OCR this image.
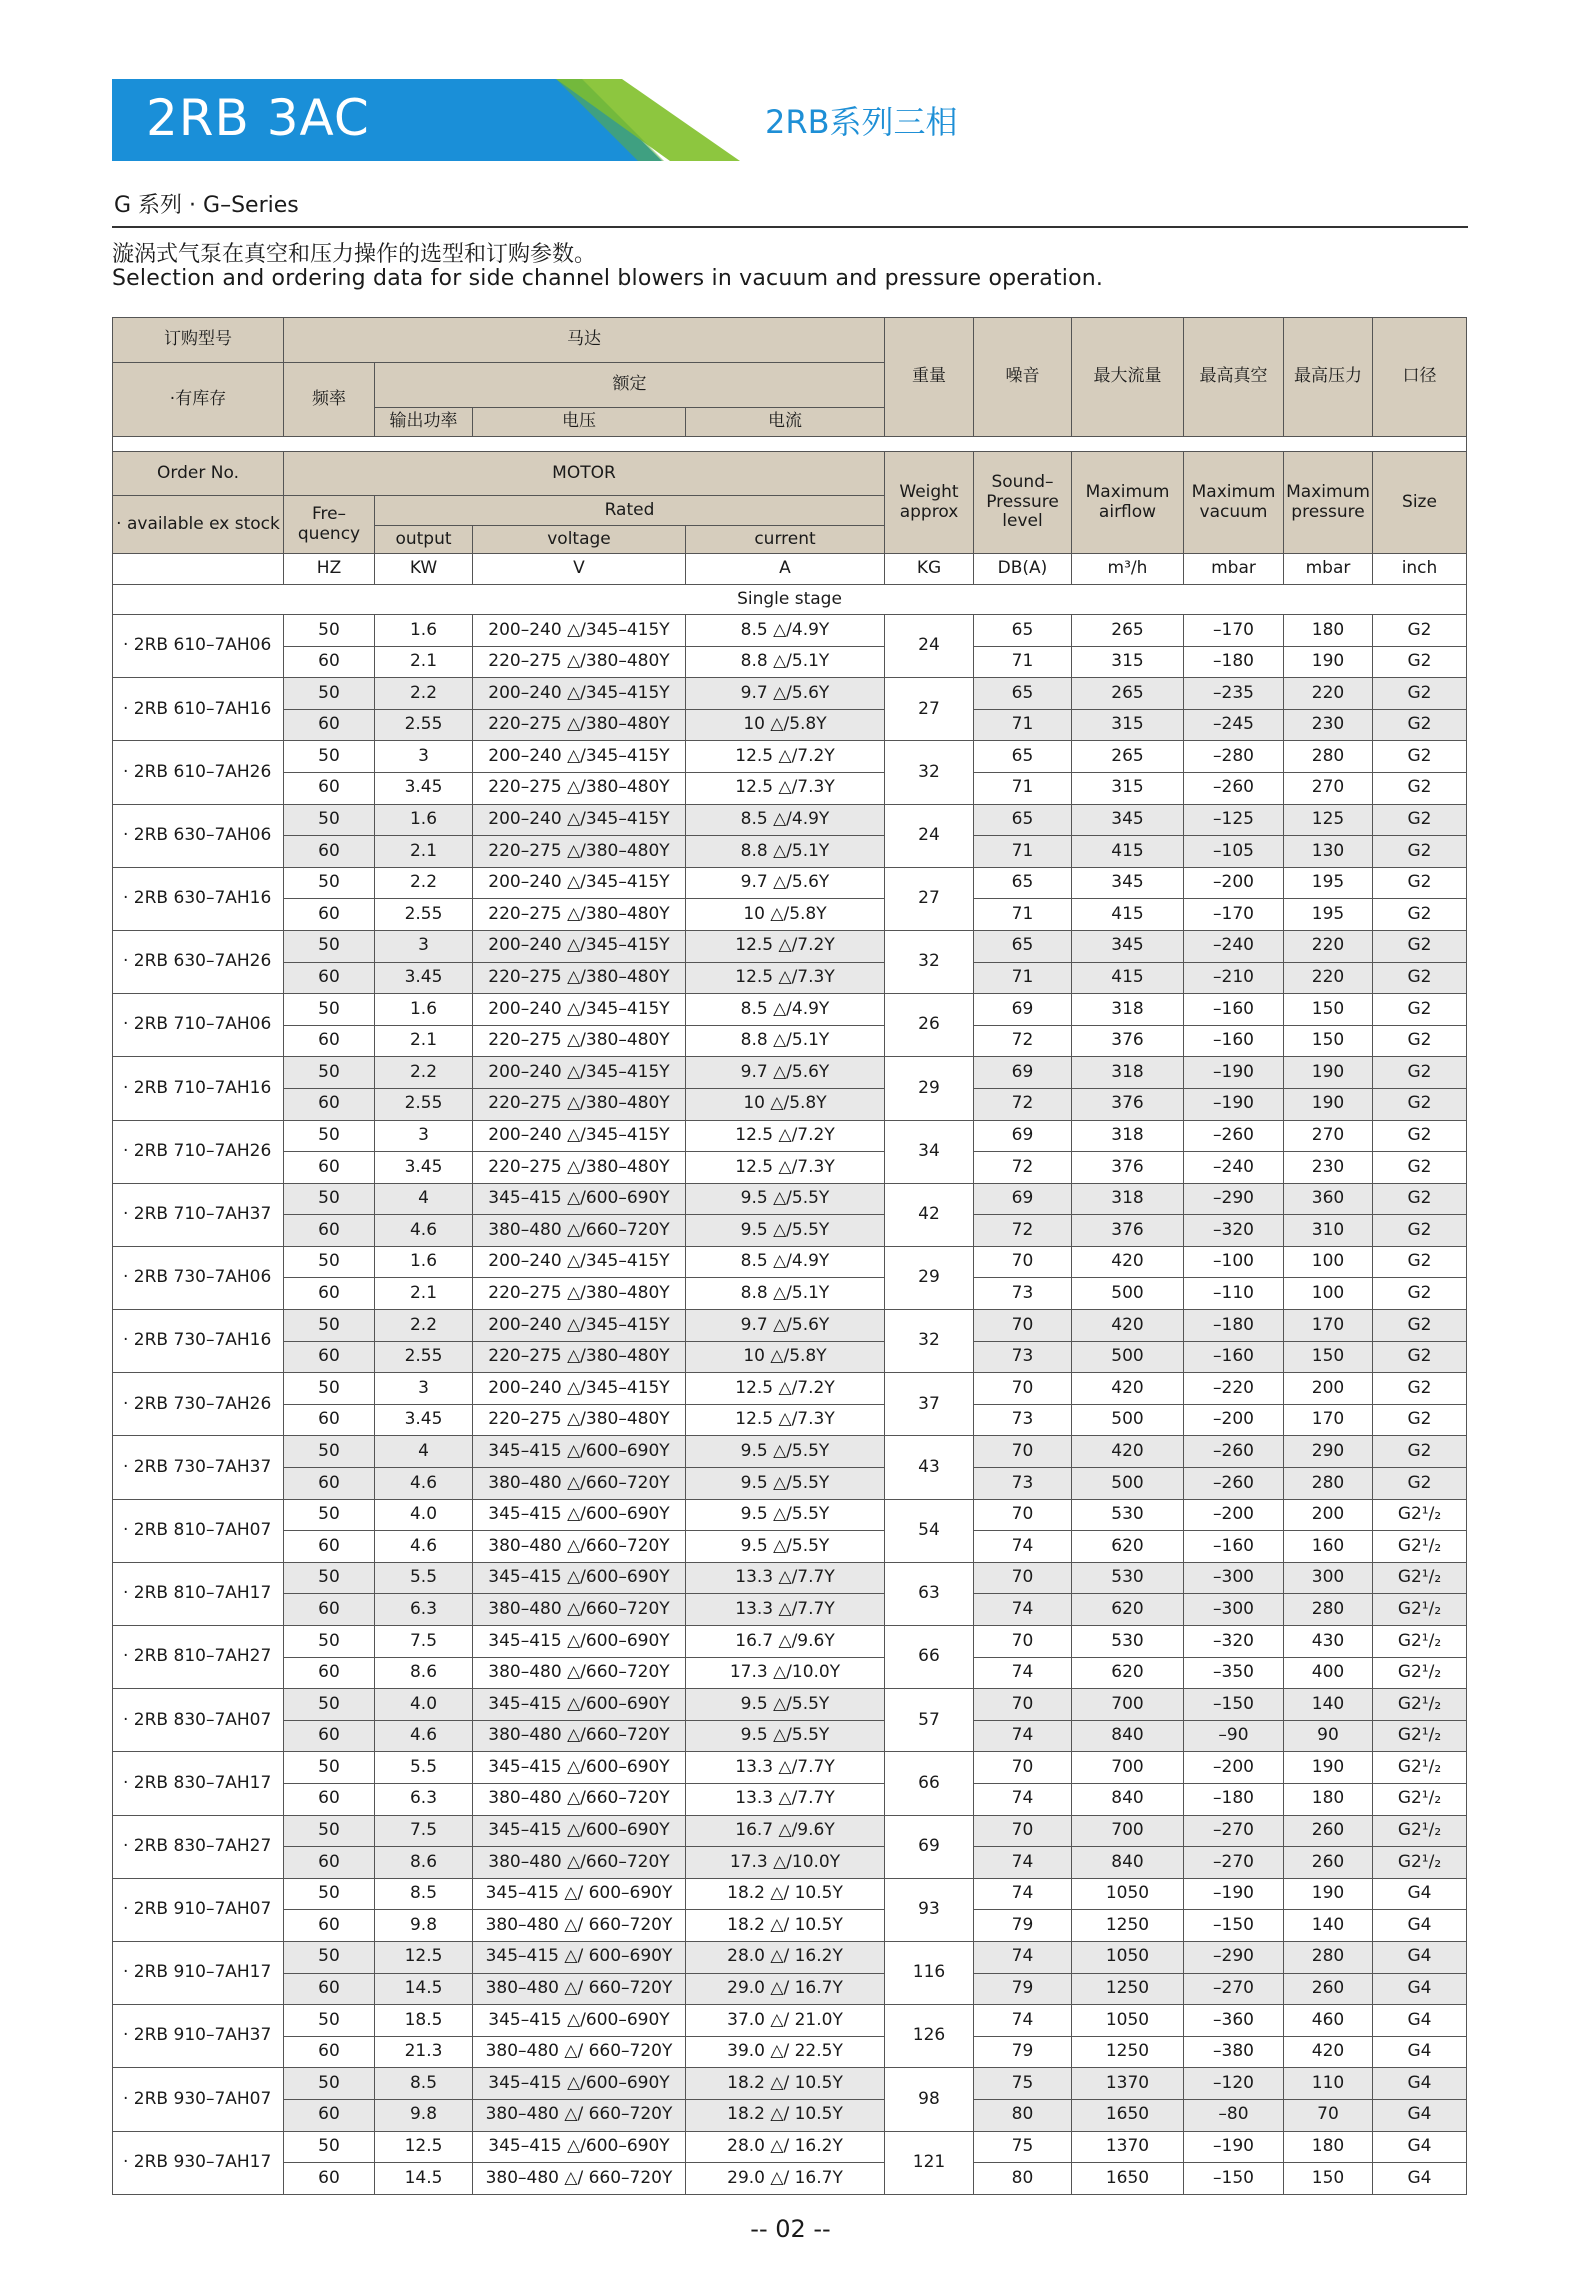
2RB 3AC	2RB系列三相
G 系列 · G–Series
漩涡式气泵在真空和压力操作的选型和订购参数。
Selection and ordering data for side channel blowers in vacuum and pressure operation.
订购型号	马达				重量	噪音	最大流量	最高真空	最高压力	口径
·有库存	频率	额定								
		输出功率	电压	电流						

Order No.	MOTOR				Weight approx	Sound– Pressure level	Maximum airflow	Maximum vacuum	Maximum pressure	Size
· available ex stock	Fre– quency	Rated								
		output	voltage	current						
	HZ	KW	V	A	KG	DB(A)	m³/h	mbar	mbar	inch
Single stage										
· 2RB 610–7AH06	50	1.6	200–240 △/345–415Y	8.5 △/4.9Y	24	65	265	–170	180	G2
	60	2.1	220–275 △/380–480Y	8.8 △/5.1Y		71	315	–180	190	G2
· 2RB 610–7AH16	50	2.2	200–240 △/345–415Y	9.7 △/5.6Y	27	65	265	–235	220	G2
	60	2.55	220–275 △/380–480Y	10 △/5.8Y		71	315	–245	230	G2
· 2RB 610–7AH26	50	3	200–240 △/345–415Y	12.5 △/7.2Y	32	65	265	–280	280	G2
	60	3.45	220–275 △/380–480Y	12.5 △/7.3Y		71	315	–260	270	G2
· 2RB 630–7AH06	50	1.6	200–240 △/345–415Y	8.5 △/4.9Y	24	65	345	–125	125	G2
	60	2.1	220–275 △/380–480Y	8.8 △/5.1Y		71	415	–105	130	G2
· 2RB 630–7AH16	50	2.2	200–240 △/345–415Y	9.7 △/5.6Y	27	65	345	–200	195	G2
	60	2.55	220–275 △/380–480Y	10 △/5.8Y		71	415	–170	195	G2
· 2RB 630–7AH26	50	3	200–240 △/345–415Y	12.5 △/7.2Y	32	65	345	–240	220	G2
	60	3.45	220–275 △/380–480Y	12.5 △/7.3Y		71	415	–210	220	G2
· 2RB 710–7AH06	50	1.6	200–240 △/345–415Y	8.5 △/4.9Y	26	69	318	–160	150	G2
	60	2.1	220–275 △/380–480Y	8.8 △/5.1Y		72	376	–160	150	G2
· 2RB 710–7AH16	50	2.2	200–240 △/345–415Y	9.7 △/5.6Y	29	69	318	–190	190	G2
	60	2.55	220–275 △/380–480Y	10 △/5.8Y		72	376	–190	190	G2
· 2RB 710–7AH26	50	3	200–240 △/345–415Y	12.5 △/7.2Y	34	69	318	–260	270	G2
	60	3.45	220–275 △/380–480Y	12.5 △/7.3Y		72	376	–240	230	G2
· 2RB 710–7AH37	50	4	345–415 △/600–690Y	9.5 △/5.5Y	42	69	318	–290	360	G2
	60	4.6	380–480 △/660–720Y	9.5 △/5.5Y		72	376	–320	310	G2
· 2RB 730–7AH06	50	1.6	200–240 △/345–415Y	8.5 △/4.9Y	29	70	420	–100	100	G2
	60	2.1	220–275 △/380–480Y	8.8 △/5.1Y		73	500	–110	100	G2
· 2RB 730–7AH16	50	2.2	200–240 △/345–415Y	9.7 △/5.6Y	32	70	420	–180	170	G2
	60	2.55	220–275 △/380–480Y	10 △/5.8Y		73	500	–160	150	G2
· 2RB 730–7AH26	50	3	200–240 △/345–415Y	12.5 △/7.2Y	37	70	420	–220	200	G2
	60	3.45	220–275 △/380–480Y	12.5 △/7.3Y		73	500	–200	170	G2
· 2RB 730–7AH37	50	4	345–415 △/600–690Y	9.5 △/5.5Y	43	70	420	–260	290	G2
	60	4.6	380–480 △/660–720Y	9.5 △/5.5Y		73	500	–260	280	G2
· 2RB 810–7AH07	50	4.0	345–415 △/600–690Y	9.5 △/5.5Y	54	70	530	–200	200	G2¹/₂
	60	4.6	380–480 △/660–720Y	9.5 △/5.5Y		74	620	–160	160	G2¹/₂
· 2RB 810–7AH17	50	5.5	345–415 △/600–690Y	13.3 △/7.7Y	63	70	530	–300	300	G2¹/₂
	60	6.3	380–480 △/660–720Y	13.3 △/7.7Y		74	620	–300	280	G2¹/₂
· 2RB 810–7AH27	50	7.5	345–415 △/600–690Y	16.7 △/9.6Y	66	70	530	–320	430	G2¹/₂
	60	8.6	380–480 △/660–720Y	17.3 △/10.0Y		74	620	–350	400	G2¹/₂
· 2RB 830–7AH07	50	4.0	345–415 △/600–690Y	9.5 △/5.5Y	57	70	700	–150	140	G2¹/₂
	60	4.6	380–480 △/660–720Y	9.5 △/5.5Y		74	840	–90	90	G2¹/₂
· 2RB 830–7AH17	50	5.5	345–415 △/600–690Y	13.3 △/7.7Y	66	70	700	–200	190	G2¹/₂
	60	6.3	380–480 △/660–720Y	13.3 △/7.7Y		74	840	–180	180	G2¹/₂
· 2RB 830–7AH27	50	7.5	345–415 △/600–690Y	16.7 △/9.6Y	69	70	700	–270	260	G2¹/₂
	60	8.6	380–480 △/660–720Y	17.3 △/10.0Y		74	840	–270	260	G2¹/₂
· 2RB 910–7AH07	50	8.5	345–415 △/ 600–690Y	18.2 △/ 10.5Y	93	74	1050	–190	190	G4
	60	9.8	380–480 △/ 660–720Y	18.2 △/ 10.5Y		79	1250	–150	140	G4
· 2RB 910–7AH17	50	12.5	345–415 △/ 600–690Y	28.0 △/ 16.2Y	116	74	1050	–290	280	G4
	60	14.5	380–480 △/ 660–720Y	29.0 △/ 16.7Y		79	1250	–270	260	G4
· 2RB 910–7AH37	50	18.5	345–415 △/600–690Y	37.0 △/ 21.0Y	126	74	1050	–360	460	G4
	60	21.3	380–480 △/ 660–720Y	39.0 △/ 22.5Y		79	1250	–380	420	G4
· 2RB 930–7AH07	50	8.5	345–415 △/600–690Y	18.2 △/ 10.5Y	98	75	1370	–120	110	G4
	60	9.8	380–480 △/ 660–720Y	18.2 △/ 10.5Y		80	1650	–80	70	G4
· 2RB 930–7AH17	50	12.5	345–415 △/600–690Y	28.0 △/ 16.2Y	121	75	1370	–190	180	G4
	60	14.5	380–480 △/ 660–720Y	29.0 △/ 16.7Y		80	1650	–150	150	G4
-- 02 --
